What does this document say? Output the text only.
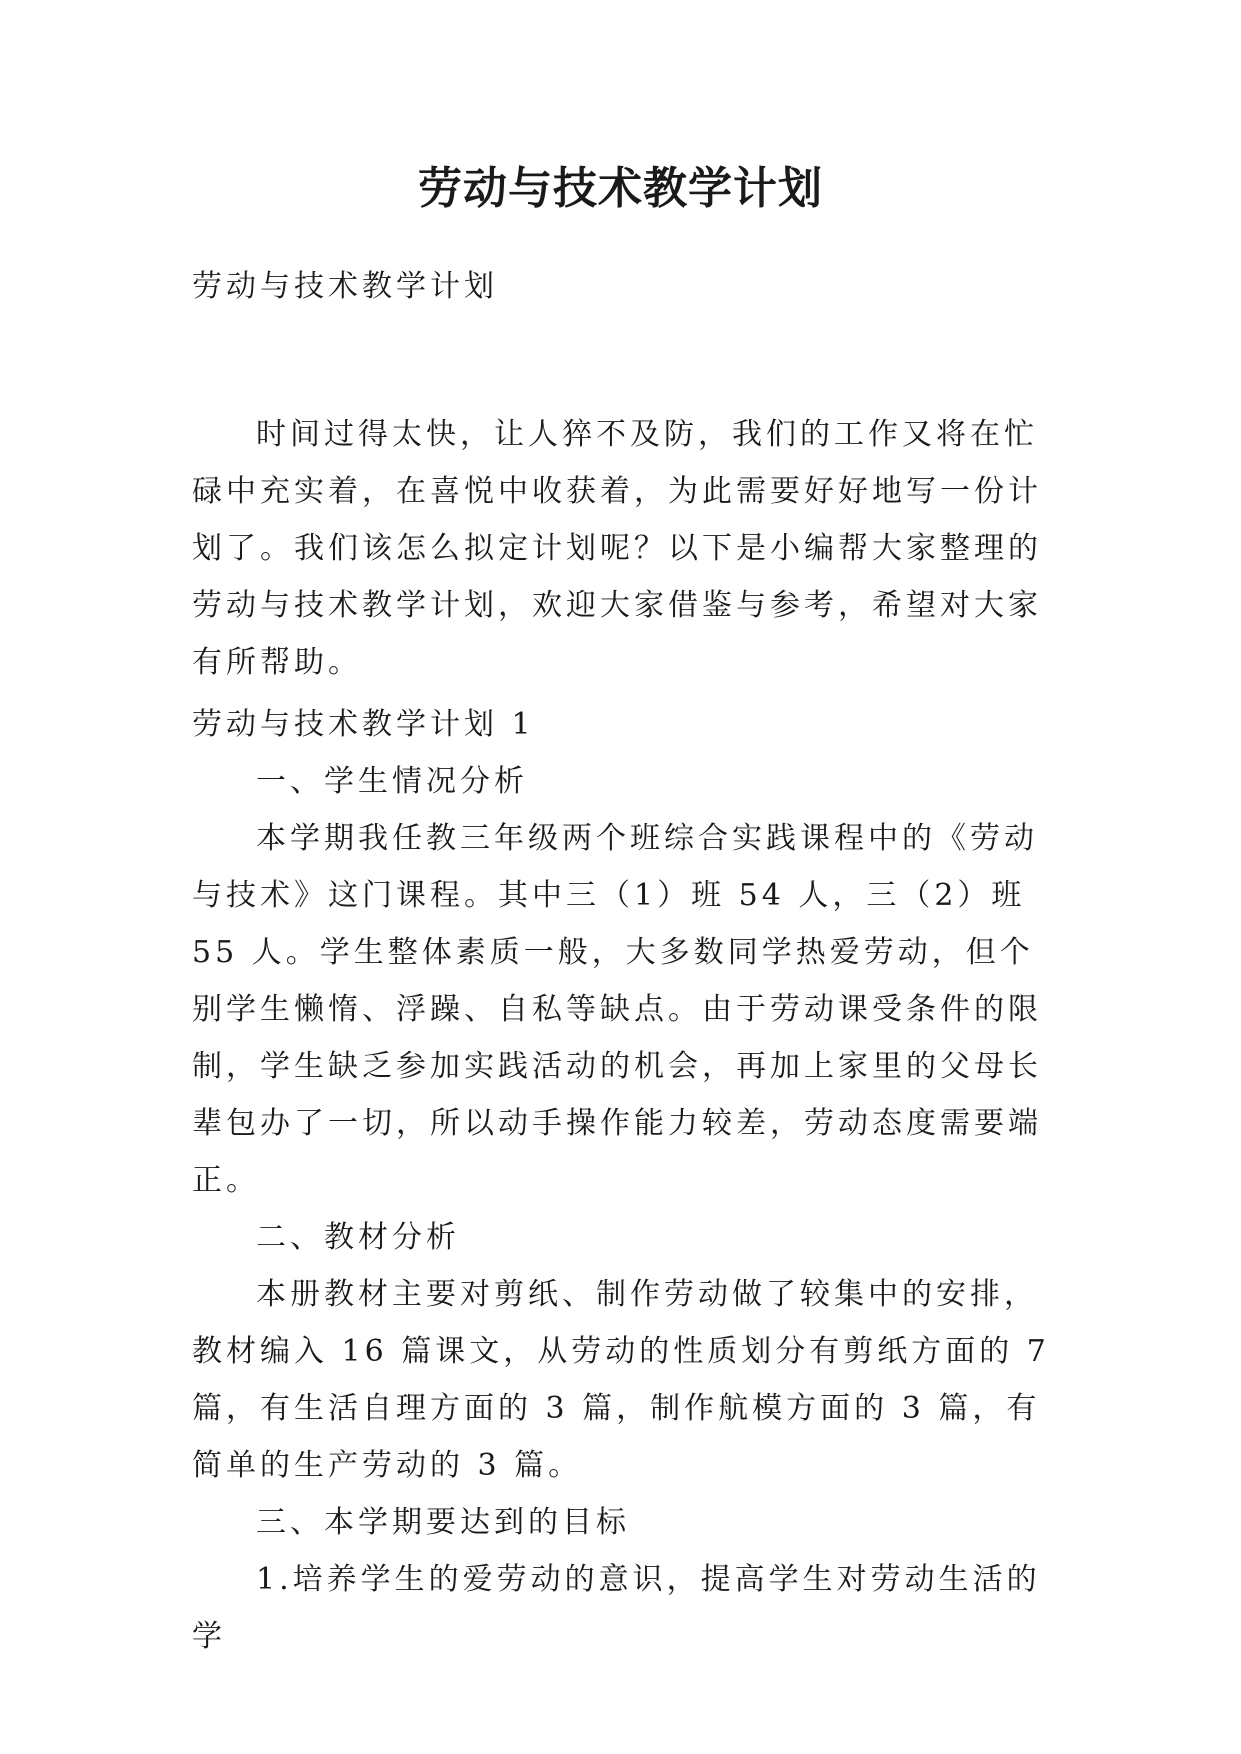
劳动与技术教学计划

劳动与技术教学计划

时间过得太快，让人猝不及防，我们的工作又将在忙碌中充实着，在喜悦中收获着，为此需要好好地写一份计划了。我们该怎么拟定计划呢？以下是小编帮大家整理的劳动与技术教学计划，欢迎大家借鉴与参考，希望对大家有所帮助。

劳动与技术教学计划 1

一、学生情况分析

本学期我任教三年级两个班综合实践课程中的《劳动与技术》这门课程。其中三（1）班 54 人，三（2）班 55 人。学生整体素质一般，大多数同学热爱劳动，但个别学生懒惰、浮躁、自私等缺点。由于劳动课受条件的限制，学生缺乏参加实践活动的机会，再加上家里的父母长辈包办了一切，所以动手操作能力较差，劳动态度需要端正。

二、教材分析

本册教材主要对剪纸、制作劳动做了较集中的安排，教材编入 16 篇课文，从劳动的性质划分有剪纸方面的 7 篇，有生活自理方面的 3 篇，制作航模方面的 3 篇，有简单的生产劳动的 3 篇。

三、本学期要达到的目标

1.培养学生的爱劳动的意识，提高学生对劳动生活的学
